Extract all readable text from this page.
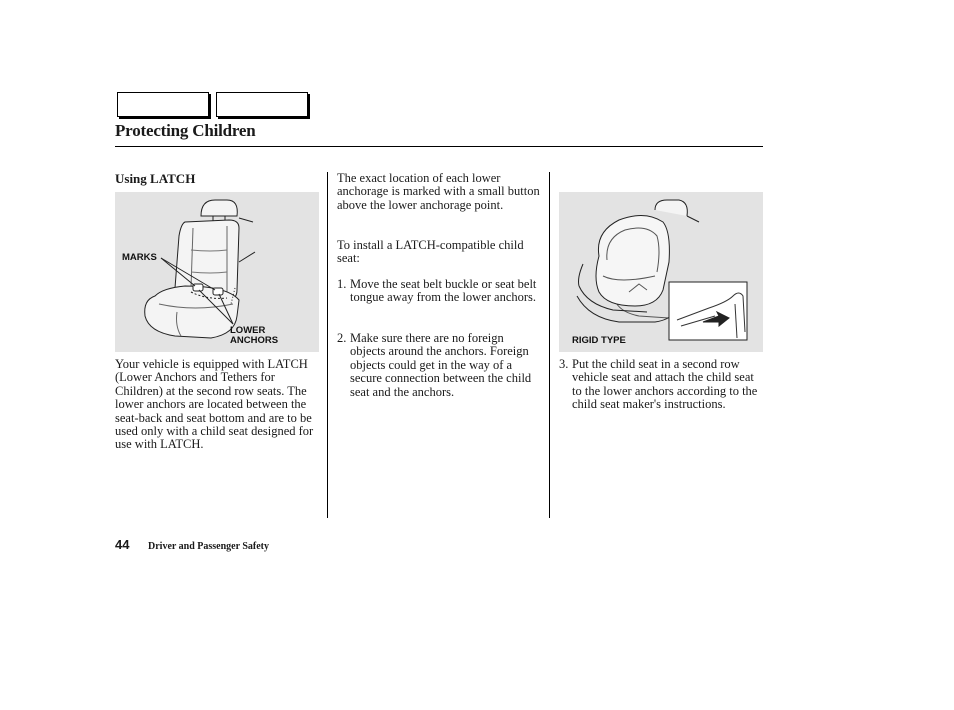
Protecting Children
Using LATCH
MARKS
LOWER
ANCHORS

Your vehicle is equipped with LATCH (Lower Anchors and Tethers for Children) at the second row seats. The lower anchors are located between the seat-back and seat bottom and are to be used only with a child seat designed for use with LATCH.

The exact location of each lower anchorage is marked with a small button above the lower anchorage point.

To install a LATCH-compatible child seat:

1. Move the seat belt buckle or seat belt tongue away from the lower anchors.
2. Make sure there are no foreign objects around the anchors. Foreign objects could get in the way of a secure connection between the child seat and the anchors.
RIGID TYPE
3. Put the child seat in a second row vehicle seat and attach the child seat to the lower anchors according to the child seat maker's instructions.
44 Driver and Passenger Safety
